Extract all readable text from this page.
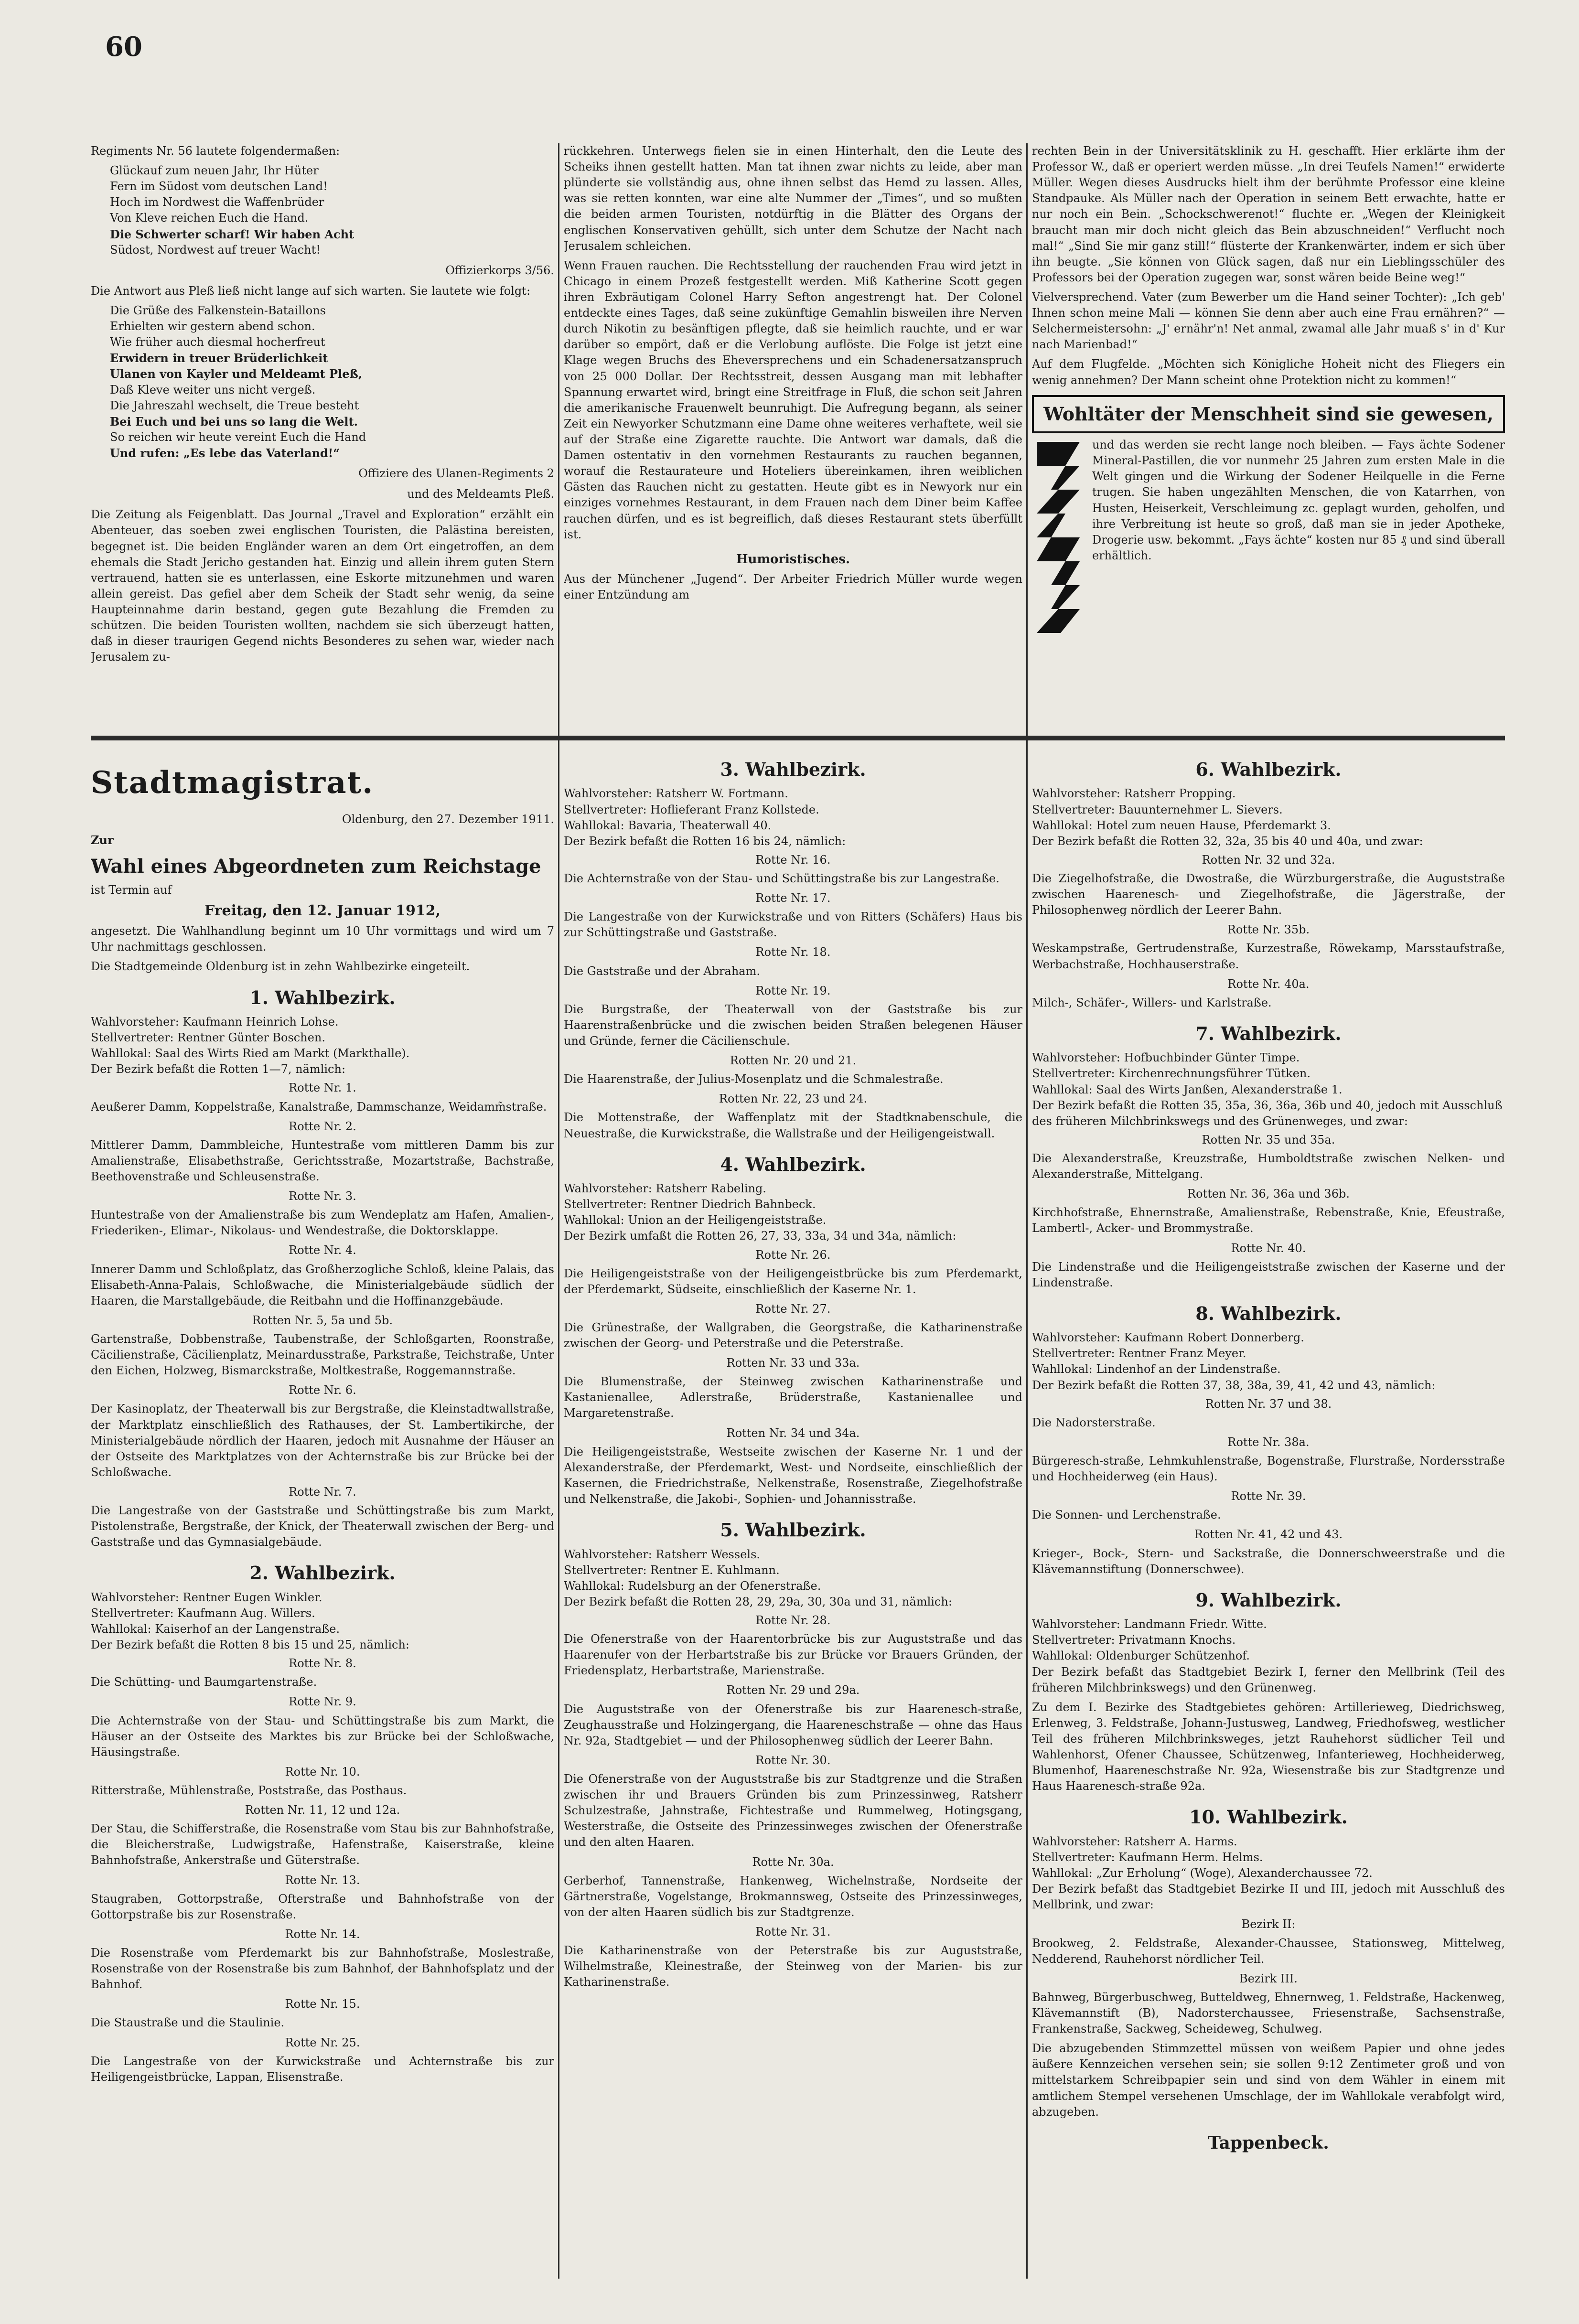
60

Regiments Nr. 56 lautete folgendermaßen:

Glückauf zum neuen Jahr, Ihr Hüter
Fern im Südost vom deutschen Land!
Hoch im Nordwest die Waffenbrüder
Von Kleve reichen Euch die Hand.
Die Schwerter scharf! Wir haben Acht
Südost, Nordwest auf treuer Wacht!
Offizierkorps 3/56.

Die Antwort aus Pleß ließ nicht lange auf sich warten. Sie lautete wie folgt:

Die Grüße des Falkenstein-Bataillons
Erhielten wir gestern abend schon.
Wie früher auch diesmal hocherfreut
Erwidern in treuer Brüderlichkeit
Ulanen von Kayler und Meldeamt Pleß,
Daß Kleve weiter uns nicht vergeß.
Die Jahreszahl wechselt, die Treue besteht
Bei Euch und bei uns so lang die Welt.
So reichen wir heute vereint Euch die Hand
Und rufen: „Es lebe das Vaterland!“
Offiziere des Ulanen-Regiments 2
und des Meldeamts Pleß.

Die Zeitung als Feigenblatt. Das Journal „Travel and Exploration“ erzählt ein Abenteuer, das soeben zwei englischen Touristen, die Palästina bereisten, begegnet ist. Die beiden Engländer waren an dem Ort eingetroffen, an dem ehemals die Stadt Jericho gestanden hat. Einzig und allein ihrem guten Stern vertrauend, hatten sie es unterlassen, eine Eskorte mitzunehmen und waren allein gereist. Das gefiel aber dem Scheik der Stadt sehr wenig, da seine Haupteinnahme darin bestand, gegen gute Bezahlung die Fremden zu schützen. Die beiden Touristen wollten, nachdem sie sich überzeugt hatten, daß in dieser traurigen Gegend nichts Besonderes zu sehen war, wieder nach Jerusalem zu-

rückkehren. Unterwegs fielen sie in einen Hinterhalt, den die Leute des Scheiks ihnen gestellt hatten. Man tat ihnen zwar nichts zu leide, aber man plünderte sie vollständig aus, ohne ihnen selbst das Hemd zu lassen. Alles, was sie retten konnten, war eine alte Nummer der „Times“, und so mußten die beiden armen Touristen, notdürftig in die Blätter des Organs der englischen Konservativen gehüllt, sich unter dem Schutze der Nacht nach Jerusalem schleichen.

Wenn Frauen rauchen. Die Rechtsstellung der rauchenden Frau wird jetzt in Chicago in einem Prozeß festgestellt werden. Miß Katherine Scott gegen ihren Exbräutigam Colonel Harry Sefton angestrengt hat. Der Colonel entdeckte eines Tages, daß seine zukünftige Gemahlin bisweilen ihre Nerven durch Nikotin zu besänftigen pflegte, daß sie heimlich rauchte, und er war darüber so empört, daß er die Verlobung auflöste. Die Folge ist jetzt eine Klage wegen Bruchs des Eheversprechens und ein Schadenersatzanspruch von 25 000 Dollar. Der Rechtsstreit, dessen Ausgang man mit lebhafter Spannung erwartet wird, bringt eine Streitfrage in Fluß, die schon seit Jahren die amerikanische Frauenwelt beunruhigt. Die Aufregung begann, als seiner Zeit ein Newyorker Schutzmann eine Dame ohne weiteres verhaftete, weil sie auf der Straße eine Zigarette rauchte. Die Antwort war damals, daß die Damen ostentativ in den vornehmen Restaurants zu rauchen begannen, worauf die Restaurateure und Hoteliers übereinkamen, ihren weiblichen Gästen das Rauchen nicht zu gestatten. Heute gibt es in Newyork nur ein einziges vornehmes Restaurant, in dem Frauen nach dem Diner beim Kaffee rauchen dürfen, und es ist begreiflich, daß dieses Restaurant stets überfüllt ist.

Humoristisches.

Aus der Münchener „Jugend“. Der Arbeiter Friedrich Müller wurde wegen einer Entzündung am

rechten Bein in der Universitätsklinik zu H. geschafft. Hier erklärte ihm der Professor W., daß er operiert werden müsse. „In drei Teufels Namen!“ erwiderte Müller. Wegen dieses Ausdrucks hielt ihm der berühmte Professor eine kleine Standpauke. Als Müller nach der Operation in seinem Bett erwachte, hatte er nur noch ein Bein. „Schockschwerenot!“ fluchte er. „Wegen der Kleinigkeit braucht man mir doch nicht gleich das Bein abzuschneiden!“ Verflucht noch mal!“ „Sind Sie mir ganz still!“ flüsterte der Krankenwärter, indem er sich über ihn beugte. „Sie können von Glück sagen, daß nur ein Lieblingsschüler des Professors bei der Operation zugegen war, sonst wären beide Beine weg!“

Vielversprechend. Vater (zum Bewerber um die Hand seiner Tochter): „Ich geb' Ihnen schon meine Mali — können Sie denn aber auch eine Frau ernähren?“ — Selchermeistersohn: „J' ernähr'n! Net anmal, zwamal alle Jahr muaß s' in d' Kur nach Marienbad!“

Auf dem Flugfelde. „Möchten sich Königliche Hoheit nicht des Fliegers ein wenig annehmen? Der Mann scheint ohne Protektion nicht zu kommen!“

Wohltäter der Menschheit sind sie gewesen,

und das werden sie recht lange noch bleiben. — Fays ächte Sodener Mineral-Pastillen, die vor nunmehr 25 Jahren zum ersten Male in die Welt gingen und die Wirkung der Sodener Heilquelle in die Ferne trugen. Sie haben ungezählten Menschen, die von Katarrhen, von Husten, Heiserkeit, Verschleimung zc. geplagt wurden, geholfen, und ihre Verbreitung ist heute so groß, daß man sie in jeder Apotheke, Drogerie usw. bekommt. „Fays ächte“ kosten nur 85 ₰ und sind überall erhältlich.

Stadtmagistrat.
Oldenburg, den 27. Dezember 1911.
Zur
Wahl eines Abgeordneten zum Reichstage
ist Termin auf
Freitag, den 12. Januar 1912,

angesetzt. Die Wahlhandlung beginnt um 10 Uhr vormittags und wird um 7 Uhr nachmittags geschlossen.

Die Stadtgemeinde Oldenburg ist in zehn Wahlbezirke eingeteilt.

1. Wahlbezirk.
Wahlvorsteher: Kaufmann Heinrich Lohse.
Stellvertreter: Rentner Günter Boschen.
Wahllokal: Saal des Wirts Ried am Markt (Markthalle).
Der Bezirk befaßt die Rotten 1—7, nämlich:
Rotte Nr. 1.

Aeußerer Damm, Koppelstraße, Kanalstraße, Dammschanze, Weidamm̃straße.

Rotte Nr. 2.

Mittlerer Damm, Dammbleiche, Huntestraße vom mittleren Damm bis zur Amalienstraße, Elisabethstraße, Gerichtsstraße, Mozartstraße, Bachstraße, Beethovenstraße und Schleusenstraße.

Rotte Nr. 3.

Huntestraße von der Amalienstraße bis zum Wendeplatz am Hafen, Amalien-, Friederiken-, Elimar-, Nikolaus- und Wendestraße, die Doktorsklappe.

Rotte Nr. 4.

Innerer Damm und Schloßplatz, das Großherzogliche Schloß, kleine Palais, das Elisabeth-Anna-Palais, Schloßwache, die Ministerialgebäude südlich der Haaren, die Marstallgebäude, die Reitbahn und die Hoffinanzgebäude.

Rotten Nr. 5, 5a und 5b.

Gartenstraße, Dobbenstraße, Taubenstraße, der Schloßgarten, Roonstraße, Cäcilienstraße, Cäcilienplatz, Meinardusstraße, Parkstraße, Teichstraße, Unter den Eichen, Holzweg, Bismarckstraße, Moltkestraße, Roggemannstraße.

Rotte Nr. 6.

Der Kasinoplatz, der Theaterwall bis zur Bergstraße, die Kleinstadtwallstraße, der Marktplatz einschließlich des Rathauses, der St. Lambertikirche, der Ministerialgebäude nördlich der Haaren, jedoch mit Ausnahme der Häuser an der Ostseite des Marktplatzes von der Achternstraße bis zur Brücke bei der Schloßwache.

Rotte Nr. 7.

Die Langestraße von der Gaststraße und Schüttingstraße bis zum Markt, Pistolenstraße, Bergstraße, der Knick, der Theaterwall zwischen der Berg- und Gaststraße und das Gymnasialgebäude.

2. Wahlbezirk.
Wahlvorsteher: Rentner Eugen Winkler.
Stellvertreter: Kaufmann Aug. Willers.
Wahllokal: Kaiserhof an der Langenstraße.
Der Bezirk befaßt die Rotten 8 bis 15 und 25, nämlich:
Rotte Nr. 8.

Die Schütting- und Baumgartenstraße.

Rotte Nr. 9.

Die Achternstraße von der Stau- und Schüttingstraße bis zum Markt, die Häuser an der Ostseite des Marktes bis zur Brücke bei der Schloßwache, Häusingstraße.

Rotte Nr. 10.

Ritterstraße, Mühlenstraße, Poststraße, das Posthaus.

Rotten Nr. 11, 12 und 12a.

Der Stau, die Schifferstraße, die Rosenstraße vom Stau bis zur Bahnhofstraße, die Bleicherstraße, Ludwigstraße, Hafenstraße, Kaiserstraße, kleine Bahnhofstraße, Ankerstraße und Güterstraße.

Rotte Nr. 13.

Staugraben, Gottorpstraße, Ofterstraße und Bahnhofstraße von der Gottorpstraße bis zur Rosenstraße.

Rotte Nr. 14.

Die Rosenstraße vom Pferdemarkt bis zur Bahnhofstraße, Moslestraße, Rosenstraße von der Rosenstraße bis zum Bahnhof, der Bahnhofsplatz und der Bahnhof.

Rotte Nr. 15.

Die Staustraße und die Staulinie.

Rotte Nr. 25.

Die Langestraße von der Kurwickstraße und Achternstraße bis zur Heiligengeistbrücke, Lappan, Elisenstraße.

3. Wahlbezirk.
Wahlvorsteher: Ratsherr W. Fortmann.
Stellvertreter: Hoflieferant Franz Kollstede.
Wahllokal: Bavaria, Theaterwall 40.
Der Bezirk befaßt die Rotten 16 bis 24, nämlich:
Rotte Nr. 16.

Die Achternstraße von der Stau- und Schüttingstraße bis zur Langestraße.

Rotte Nr. 17.

Die Langestraße von der Kurwickstraße und von Ritters (Schäfers) Haus bis zur Schüttingstraße und Gaststraße.

Rotte Nr. 18.

Die Gaststraße und der Abraham.

Rotte Nr. 19.

Die Burgstraße, der Theaterwall von der Gaststraße bis zur Haarenstraßenbrücke und die zwischen beiden Straßen belegenen Häuser und Gründe, ferner die Cäcilienschule.

Rotten Nr. 20 und 21.

Die Haarenstraße, der Julius-Mosenplatz und die Schmalestraße.

Rotten Nr. 22, 23 und 24.

Die Mottenstraße, der Waffenplatz mit der Stadtknabenschule, die Neuestraße, die Kurwickstraße, die Wallstraße und der Heiligengeistwall.

4. Wahlbezirk.
Wahlvorsteher: Ratsherr Rabeling.
Stellvertreter: Rentner Diedrich Bahnbeck.
Wahllokal: Union an der Heiligengeiststraße.
Der Bezirk umfaßt die Rotten 26, 27, 33, 33a, 34 und 34a, nämlich:
Rotte Nr. 26.

Die Heiligengeiststraße von der Heiligengeistbrücke bis zum Pferdemarkt, der Pferdemarkt, Südseite, einschließlich der Kaserne Nr. 1.

Rotte Nr. 27.

Die Grünestraße, der Wallgraben, die Georgstraße, die Katharinenstraße zwischen der Georg- und Peterstraße und die Peterstraße.

Rotten Nr. 33 und 33a.

Die Blumenstraße, der Steinweg zwischen Katharinenstraße und Kastanienallee, Adlerstraße, Brüderstraße, Kastanienallee und Margaretenstraße.

Rotten Nr. 34 und 34a.

Die Heiligengeiststraße, Westseite zwischen der Kaserne Nr. 1 und der Alexanderstraße, der Pferdemarkt, West- und Nordseite, einschließlich der Kasernen, die Friedrichstraße, Nelkenstraße, Rosenstraße, Ziegelhofstraße und Nelkenstraße, die Jakobi-, Sophien- und Johannisstraße.

5. Wahlbezirk.
Wahlvorsteher: Ratsherr Wessels.
Stellvertreter: Rentner E. Kuhlmann.
Wahllokal: Rudelsburg an der Ofenerstraße.
Der Bezirk befaßt die Rotten 28, 29, 29a, 30, 30a und 31, nämlich:
Rotte Nr. 28.

Die Ofenerstraße von der Haarentorbrücke bis zur Auguststraße und das Haarenufer von der Herbartstraße bis zur Brücke vor Brauers Gründen, der Friedensplatz, Herbartstraße, Marienstraße.

Rotten Nr. 29 und 29a.

Die Auguststraße von der Ofenerstraße bis zur Haarenesch-straße, Zeughausstraße und Holzingergang, die Haareneschstraße — ohne das Haus Nr. 92a, Stadtgebiet — und der Philosophenweg südlich der Leerer Bahn.

Rotte Nr. 30.

Die Ofenerstraße von der Auguststraße bis zur Stadtgrenze und die Straßen zwischen ihr und Brauers Gründen bis zum Prinzessinweg, Ratsherr Schulzestraße, Jahnstraße, Fichtestraße und Rummelweg, Hotingsgang, Westerstraße, die Ostseite des Prinzessinweges zwischen der Ofenerstraße und den alten Haaren.

Rotte Nr. 30a.

Gerberhof, Tannenstraße, Hankenweg, Wichelnstraße, Nordseite der Gärtnerstraße, Vogelstange, Brokmannsweg, Ostseite des Prinzessinweges, von der alten Haaren südlich bis zur Stadtgrenze.

Rotte Nr. 31.

Die Katharinenstraße von der Peterstraße bis zur Auguststraße, Wilhelmstraße, Kleinestraße, der Steinweg von der Marien- bis zur Katharinenstraße.

6. Wahlbezirk.
Wahlvorsteher: Ratsherr Propping.
Stellvertreter: Bauunternehmer L. Sievers.
Wahllokal: Hotel zum neuen Hause, Pferdemarkt 3.
Der Bezirk befaßt die Rotten 32, 32a, 35 bis 40 und 40a, und zwar:
Rotten Nr. 32 und 32a.

Die Ziegelhofstraße, die Dwostraße, die Würzburgerstraße, die Auguststraße zwischen Haarenesch- und Ziegelhofstraße, die Jägerstraße, der Philosophenweg nördlich der Leerer Bahn.

Rotte Nr. 35b.

Weskampstraße, Gertrudenstraße, Kurzestraße, Röwekamp, Marsstaufstraße, Werbachstraße, Hochhauserstraße.

Rotte Nr. 40a.

Milch-, Schäfer-, Willers- und Karlstraße.

7. Wahlbezirk.
Wahlvorsteher: Hofbuchbinder Günter Timpe.
Stellvertreter: Kirchenrechnungsführer Tütken.
Wahllokal: Saal des Wirts Janßen, Alexanderstraße 1.
Der Bezirk befaßt die Rotten 35, 35a, 36, 36a, 36b und 40, jedoch mit Ausschluß des früheren Milchbrinkswegs und des Grünenweges, und zwar:
Rotten Nr. 35 und 35a.

Die Alexanderstraße, Kreuzstraße, Humboldtstraße zwischen Nelken- und Alexanderstraße, Mittelgang.

Rotten Nr. 36, 36a und 36b.

Kirchhofstraße, Ehnernstraße, Amalienstraße, Rebenstraße, Knie, Efeustraße, Lambertl-, Acker- und Brommystraße.

Rotte Nr. 40.

Die Lindenstraße und die Heiligengeiststraße zwischen der Kaserne und der Lindenstraße.

8. Wahlbezirk.
Wahlvorsteher: Kaufmann Robert Donnerberg.
Stellvertreter: Rentner Franz Meyer.
Wahllokal: Lindenhof an der Lindenstraße.
Der Bezirk befaßt die Rotten 37, 38, 38a, 39, 41, 42 und 43, nämlich:
Rotten Nr. 37 und 38.

Die Nadorsterstraße.

Rotte Nr. 38a.

Bürgeresch-straße, Lehmkuhlenstraße, Bogenstraße, Flurstraße, Nordersstraße und Hochheiderweg (ein Haus).

Rotte Nr. 39.

Die Sonnen- und Lerchenstraße.

Rotten Nr. 41, 42 und 43.

Krieger-, Bock-, Stern- und Sackstraße, die Donnerschweerstraße und die Klävemannstiftung (Donnerschwee).

9. Wahlbezirk.
Wahlvorsteher: Landmann Friedr. Witte.
Stellvertreter: Privatmann Knochs.
Wahllokal: Oldenburger Schützenhof.

Der Bezirk befaßt das Stadtgebiet Bezirk I, ferner den Mellbrink (Teil des früheren Milchbrinkswegs) und den Grünenweg.

Zu dem I. Bezirke des Stadtgebietes gehören: Artillerieweg, Diedrichsweg, Erlenweg, 3. Feldstraße, Johann-Justusweg, Landweg, Friedhofsweg, westlicher Teil des früheren Milchbrinksweges, jetzt Rauhehorst südlicher Teil und Wahlenhorst, Ofener Chaussee, Schützenweg, Infanterieweg, Hochheiderweg, Blumenhof, Haareneschstraße Nr. 92a, Wiesenstraße bis zur Stadtgrenze und Haus Haarenesch-straße 92a.

10. Wahlbezirk.
Wahlvorsteher: Ratsherr A. Harms.
Stellvertreter: Kaufmann Herm. Helms.
Wahllokal: „Zur Erholung“ (Woge), Alexanderchaussee 72.

Der Bezirk befaßt das Stadtgebiet Bezirke II und III, jedoch mit Ausschluß des Mellbrink, und zwar:

Bezirk II:

Brookweg, 2. Feldstraße, Alexander-Chaussee, Stationsweg, Mittelweg, Nedderend, Rauhehorst nördlicher Teil.

Bezirk III.

Bahnweg, Bürgerbuschweg, Butteldweg, Ehnernweg, 1. Feldstraße, Hackenweg, Klävemannstift (B), Nadorsterchaussee, Friesenstraße, Sachsenstraße, Frankenstraße, Sackweg, Scheideweg, Schulweg.

Die abzugebenden Stimmzettel müssen von weißem Papier und ohne jedes äußere Kennzeichen versehen sein; sie sollen 9:12 Zentimeter groß und von mittelstarkem Schreibpapier sein und sind von dem Wähler in einem mit amtlichem Stempel versehenen Umschlage, der im Wahllokale verabfolgt wird, abzugeben.

Tappenbeck.
